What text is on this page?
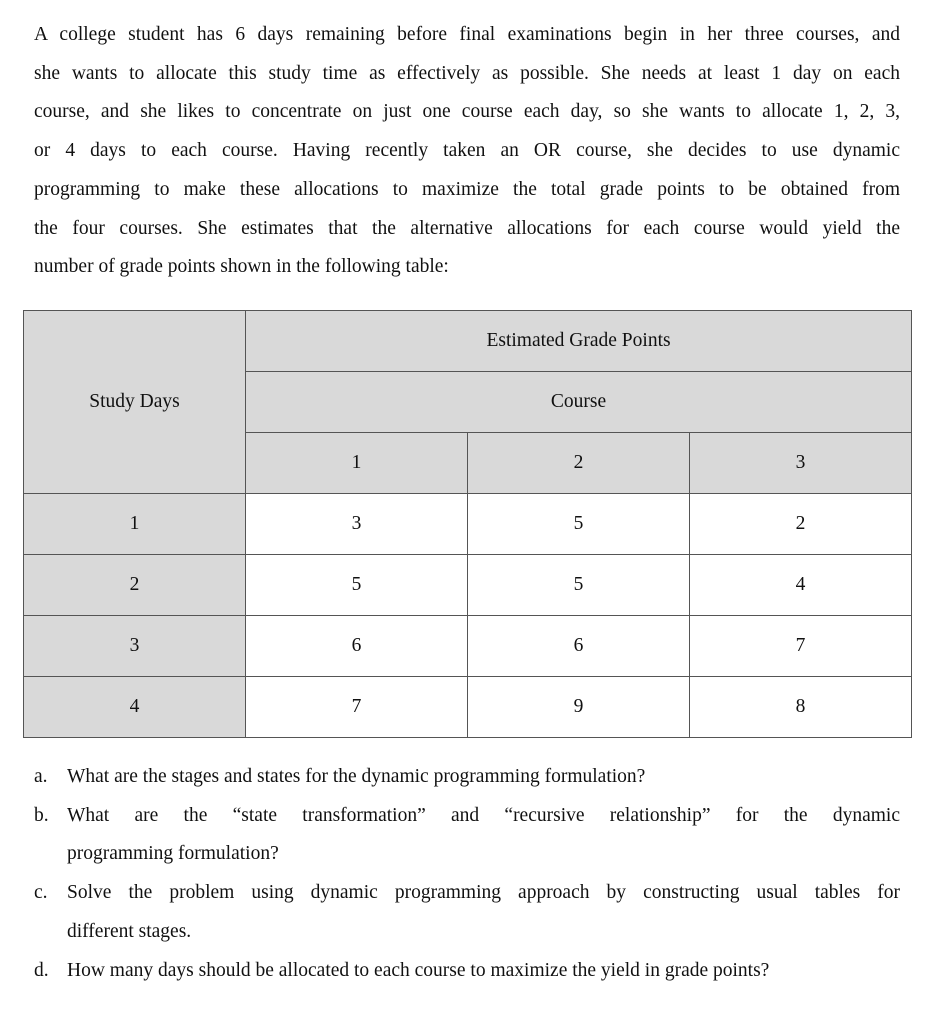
A college student has 6 days remaining before final examinations begin in her three courses, and
she wants to allocate this study time as effectively as possible. She needs at least 1 day on each
course, and she likes to concentrate on just one course each day, so she wants to allocate 1, 2, 3,
or 4 days to each course. Having recently taken an OR course, she decides to use dynamic
programming to make these allocations to maximize the total grade points to be obtained from
the four courses. She estimates that the alternative allocations for each course would yield the
number of grade points shown in the following table:
Study Days	Estimated Grade Points		
	Course		
	1	2	3
1	3	5	2
2	5	5	4
3	6	6	7
4	7	9	8
a. What are the stages and states for the dynamic programming formulation?
b. What are the “state transformation” and “recursive relationship” for the dynamic
programming formulation?
c. Solve the problem using dynamic programming approach by constructing usual tables for
different stages.
d. How many days should be allocated to each course to maximize the yield in grade points?
